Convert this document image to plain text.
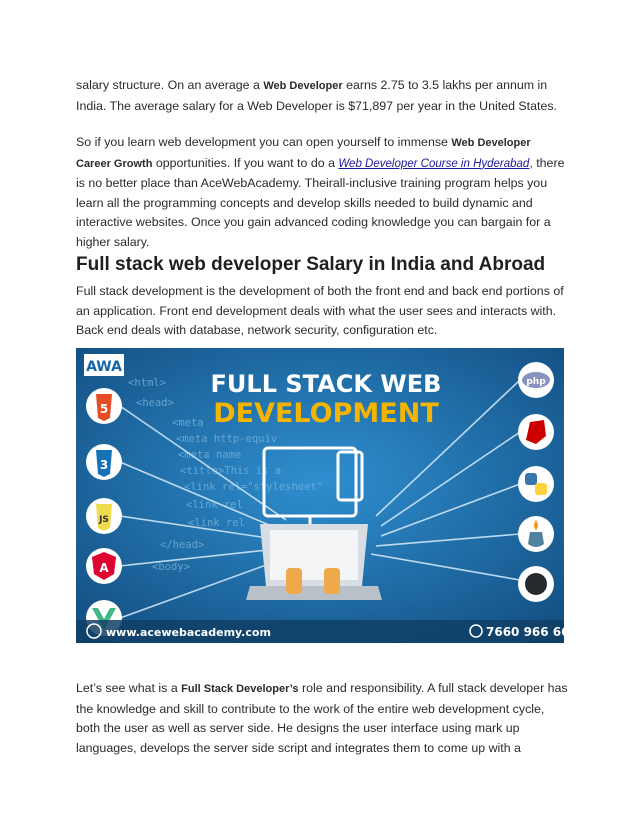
salary structure. On an average a Web Developer earns 2.75 to 3.5 lakhs per annum in India. The average salary for a Web Developer is $71,897 per year in the United States.

So if you learn web development you can open yourself to immense Web Developer Career Growth opportunities. If you want to do a Web Developer Course in Hyderabad, there is no better place than AceWebAcademy. Theirall-inclusive training program helps you learn all the programming concepts and develop skills needed to build dynamic and interactive websites. Once you gain advanced coding knowledge you can bargain for a higher salary.

Full stack web developer Salary in India and Abroad

Full stack development is the development of both the front end and back end portions of an application. Front end development deals with what the user sees and interacts with. Back end deals with database, network security, configuration etc.

<html>
<head>
<meta
<meta http-equiv
<meta name
<title>This is a
<link rel="stylesheet"
<link rel
<link rel
</head>
<body>
AWA
FULL STACK WEB
DEVELOPMENT
5
3
JS
A
V
php
www.acewebacademy.com	7660 966 660

Let’s see what is a Full Stack Developer’s role and responsibility. A full stack developer has the knowledge and skill to contribute to the work of the entire web development cycle, both the user as well as server side. He designs the user interface using mark up languages, develops the server side script and integrates them to come up with a
